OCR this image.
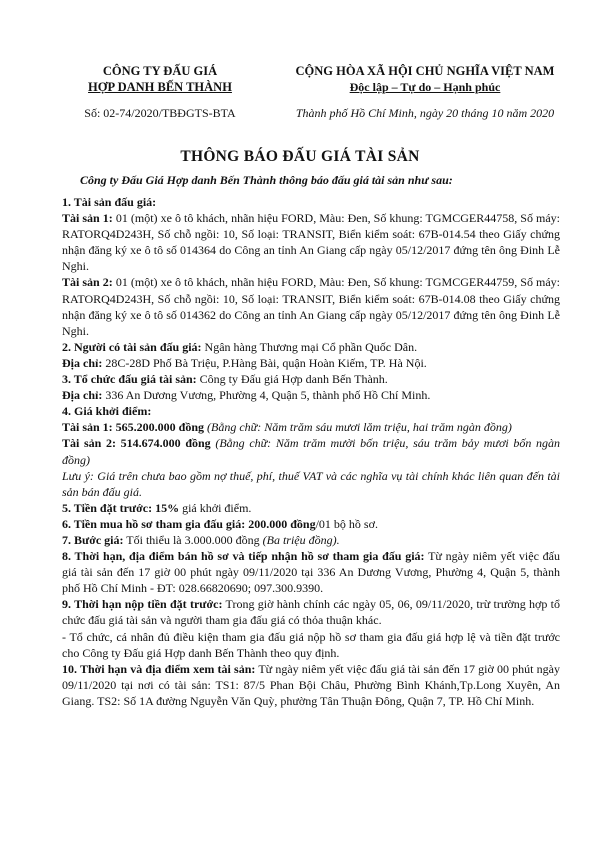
CÔNG TY ĐẤU GIÁ
HỢP DANH BẾN THÀNH
Số: 02-74/2020/TBĐGTS-BTA
CỘNG HÒA XÃ HỘI CHỦ NGHĨA VIỆT NAM
Độc lập – Tự do – Hạnh phúc
Thành phố Hồ Chí Minh, ngày 20 tháng 10 năm 2020
THÔNG BÁO ĐẤU GIÁ TÀI SẢN
Công ty Đấu Giá Hợp danh Bến Thành thông báo đấu giá tài sản như sau:

1. Tài sản đấu giá:

Tài sản 1: 01 (một) xe ô tô khách, nhãn hiệu FORD, Màu: Đen, Số khung: TGMCGER44758, Số máy: RATORQ4D243H, Số chỗ ngồi: 10, Số loại: TRANSIT, Biển kiểm soát: 67B-014.54 theo Giấy chứng nhận đăng ký xe ô tô số 014364 do Công an tỉnh An Giang cấp ngày 05/12/2017 đứng tên ông Đinh Lễ Nghi.

Tài sản 2: 01 (một) xe ô tô khách, nhãn hiệu FORD, Màu: Đen, Số khung: TGMCGER44759, Số máy: RATORQ4D243H, Số chỗ ngồi: 10, Số loại: TRANSIT, Biển kiểm soát: 67B-014.08 theo Giấy chứng nhận đăng ký xe ô tô số 014362 do Công an tỉnh An Giang cấp ngày 05/12/2017 đứng tên ông Đinh Lễ Nghi.

2. Người có tài sản đấu giá: Ngân hàng Thương mại Cổ phần Quốc Dân.

Địa chỉ: 28C-28D Phố Bà Triệu, P.Hàng Bài, quận Hoàn Kiếm, TP. Hà Nội.

3. Tổ chức đấu giá tài sản: Công ty Đấu giá Hợp danh Bến Thành.

Địa chỉ: 336 An Dương Vương, Phường 4, Quận 5, thành phố Hồ Chí Minh.

4. Giá khởi điểm:

Tài sản 1: 565.200.000 đồng (Bằng chữ: Năm trăm sáu mươi lăm triệu, hai trăm ngàn đồng)

Tài sản 2: 514.674.000 đồng (Bằng chữ: Năm trăm mười bốn triệu, sáu trăm bảy mươi bốn ngàn đồng)

Lưu ý: Giá trên chưa bao gồm nợ thuế, phí, thuế VAT và các nghĩa vụ tài chính khác liên quan đến tài sản bán đấu giá.

5. Tiền đặt trước: 15% giá khởi điểm.

6. Tiền mua hồ sơ tham gia đấu giá: 200.000 đồng/01 bộ hồ sơ.

7. Bước giá: Tối thiểu là 3.000.000 đồng (Ba triệu đồng).

8. Thời hạn, địa điểm bán hồ sơ và tiếp nhận hồ sơ tham gia đấu giá: Từ ngày niêm yết việc đấu giá tài sản đến 17 giờ 00 phút ngày 09/11/2020 tại 336 An Dương Vương, Phường 4, Quận 5, thành phố Hồ Chí Minh - ĐT: 028.66820690; 097.300.9390.

9. Thời hạn nộp tiền đặt trước: Trong giờ hành chính các ngày 05, 06, 09/11/2020, trừ trường hợp tổ chức đấu giá tài sản và người tham gia đấu giá có thỏa thuận khác.

- Tổ chức, cá nhân đủ điều kiện tham gia đấu giá nộp hồ sơ tham gia đấu giá hợp lệ và tiền đặt trước cho Công ty Đấu giá Hợp danh Bến Thành theo quy định.

10. Thời hạn và địa điểm xem tài sản: Từ ngày niêm yết việc đấu giá tài sản đến 17 giờ 00 phút ngày 09/11/2020 tại nơi có tài sản: TS1: 87/5 Phan Bội Châu, Phường Bình Khánh,Tp.Long Xuyên, An Giang. TS2: Số 1A đường Nguyễn Văn Quỳ, phường Tân Thuận Đông, Quận 7, TP. Hồ Chí Minh.
